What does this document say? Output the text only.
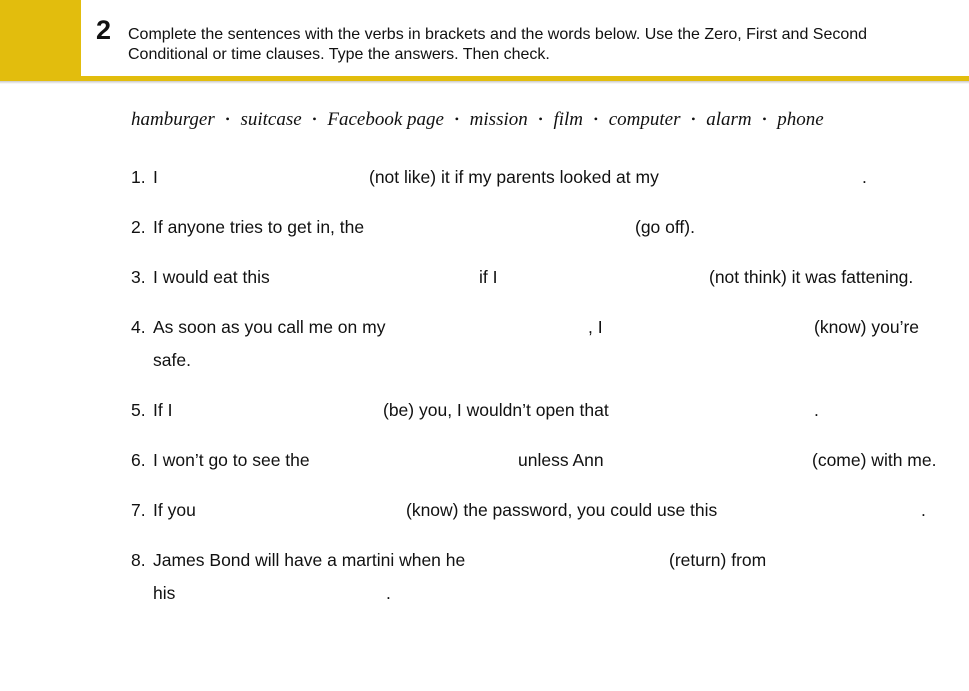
2 Complete the sentences with the verbs in brackets and the words below. Use the Zero, First and Second Conditional or time clauses. Type the answers. Then check.
hamburger   •   suitcase   •   Facebook page   •   mission   •   film   •   computer   •   alarm   •   phone
1. I	(not like) it if my parents looked at my	.
2. If anyone tries to get in, the	(go off).
3. I would eat this	if I	(not think) it was fattening.
4. As soon as you call me on my	, I	(know) you’re
safe.
5. If I	(be) you, I wouldn’t open that	.
6. I won’t go to see the	unless Ann	(come) with me.
7. If you	(know) the password, you could use this	.
8. James Bond will have a martini when he	(return) from
his	.
